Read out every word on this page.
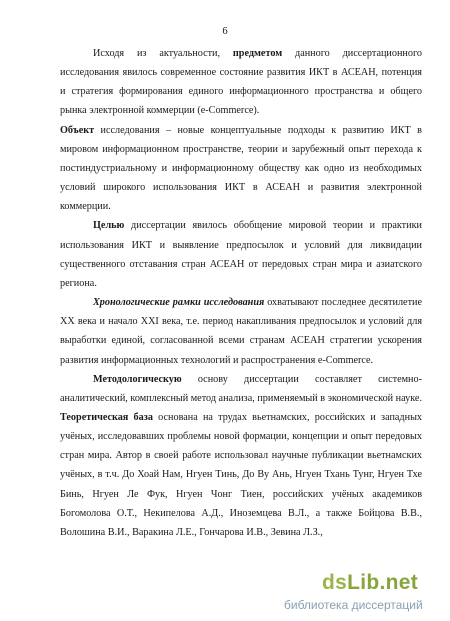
6

Исходя из актуальности, предметом данного диссертационного исследования явилось современное состояние развития ИКТ в АСЕАН, потенция и стратегия формирования единого информационного пространства и общего рынка электронной коммерции (e-Commerce).

Объект исследования – новые концептуальные подходы к развитию ИКТ в мировом информационном пространстве, теории и зарубежный опыт перехода к постиндустриальному и информационному обществу как одно из необходимых условий широкого использования ИКТ в АСЕАН и развития электронной коммерции.

Целью диссертации явилось обобщение мировой теории и практики использования ИКТ и выявление предпосылок и условий для ликвидации существенного отставания стран АСЕАН от передовых стран мира и азиатского региона.

Хронологические рамки исследования охватывают последнее десятилетие XX века и начало XXI века, т.е. период накапливания предпосылок и условий для выработки единой, согласованной всеми странам АСЕАН стратегии ускорения развития информационных технологий и распространения e-Commerce.

Методологическую основу диссертации составляет системно-аналитический, комплексный метод анализа, применяемый в экономической науке. Теоретическая база основана на трудах вьетнамских, российских и западных учёных, исследовавших проблемы новой формации, концепции и опыт передовых стран мира. Автор в своей работе использовал научные публикации вьетнамских учёных, в т.ч. До Хоай Нам, Нгуен Тинь, До Ву Ань, Нгуен Тхань Тунг, Нгуен Тхе Бинь, Нгуен Ле Фук, Нгуен Чонг Тиен, российских учёных академиков Богомолова О.Т., Некипелова А.Д., Иноземцева В.Л., а также Бойцова В.В., Волошина В.И., Варакина Л.Е., Гончарова И.В., Зевина Л.З.,

dsLib.net
библиотека диссертаций
